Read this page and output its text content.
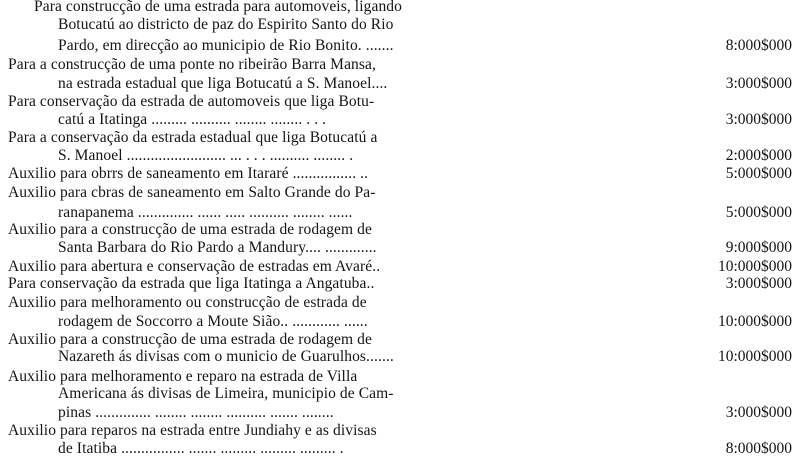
Para construcção de uma estrada para automoveis, ligando
Botucatú ao districto de paz do Espirito Santo do Rio
Pardo, em direcção ao municipio de Rio Bonito. .......	8:000$000
Para a construcção de uma ponte no ribeirão Barra Mansa,
na estrada estadual que liga Botucatú a S. Manoel....	3:000$000
Para conservação da estrada de automoveis que liga Botu-
catú a Itatinga ......... .......... ........ ........ . . .	3:000$000
Para a conservação da estrada estadual que liga Botucatú a
S. Manoel ......................... ... . . . .......... ........ .	2:000$000
Auxilio para obrrs de saneamento em Itararé ................ ..	5:000$000
Auxilio para cbras de saneamento em Salto Grande do Pa-
ranapanema .............. ...... ..... .......... ........ ......	5:000$000
Auxilio para a construcção de uma estrada de rodagem de
Santa Barbara do Rio Pardo a Mandury.... .............	9:000$000
Auxilio para abertura e conservação de estradas em Avaré..	10:000$000
Para conservação da estrada que liga Itatinga a Angatuba..	3:000$000
Auxilio para melhoramento ou construcção de estrada de
rodagem de Soccorro a Moute Sião.. ............ ......	10:000$000
Auxilio para a construcção de uma estrada de rodagem de
Nazareth ás divisas com o municio de Guarulhos.......	10:000$000
Auxilio para melhoramento e reparo na estrada de Villa
Americana ás divisas de Limeira, municipio de Cam-
pinas .............. ........ ........ .......... ....... ........	3:000$000
Auxilio para reparos na estrada entre Jundiahy e as divisas
de Itatiba ................ ....... ......... ......... ......... .	8:000$000
